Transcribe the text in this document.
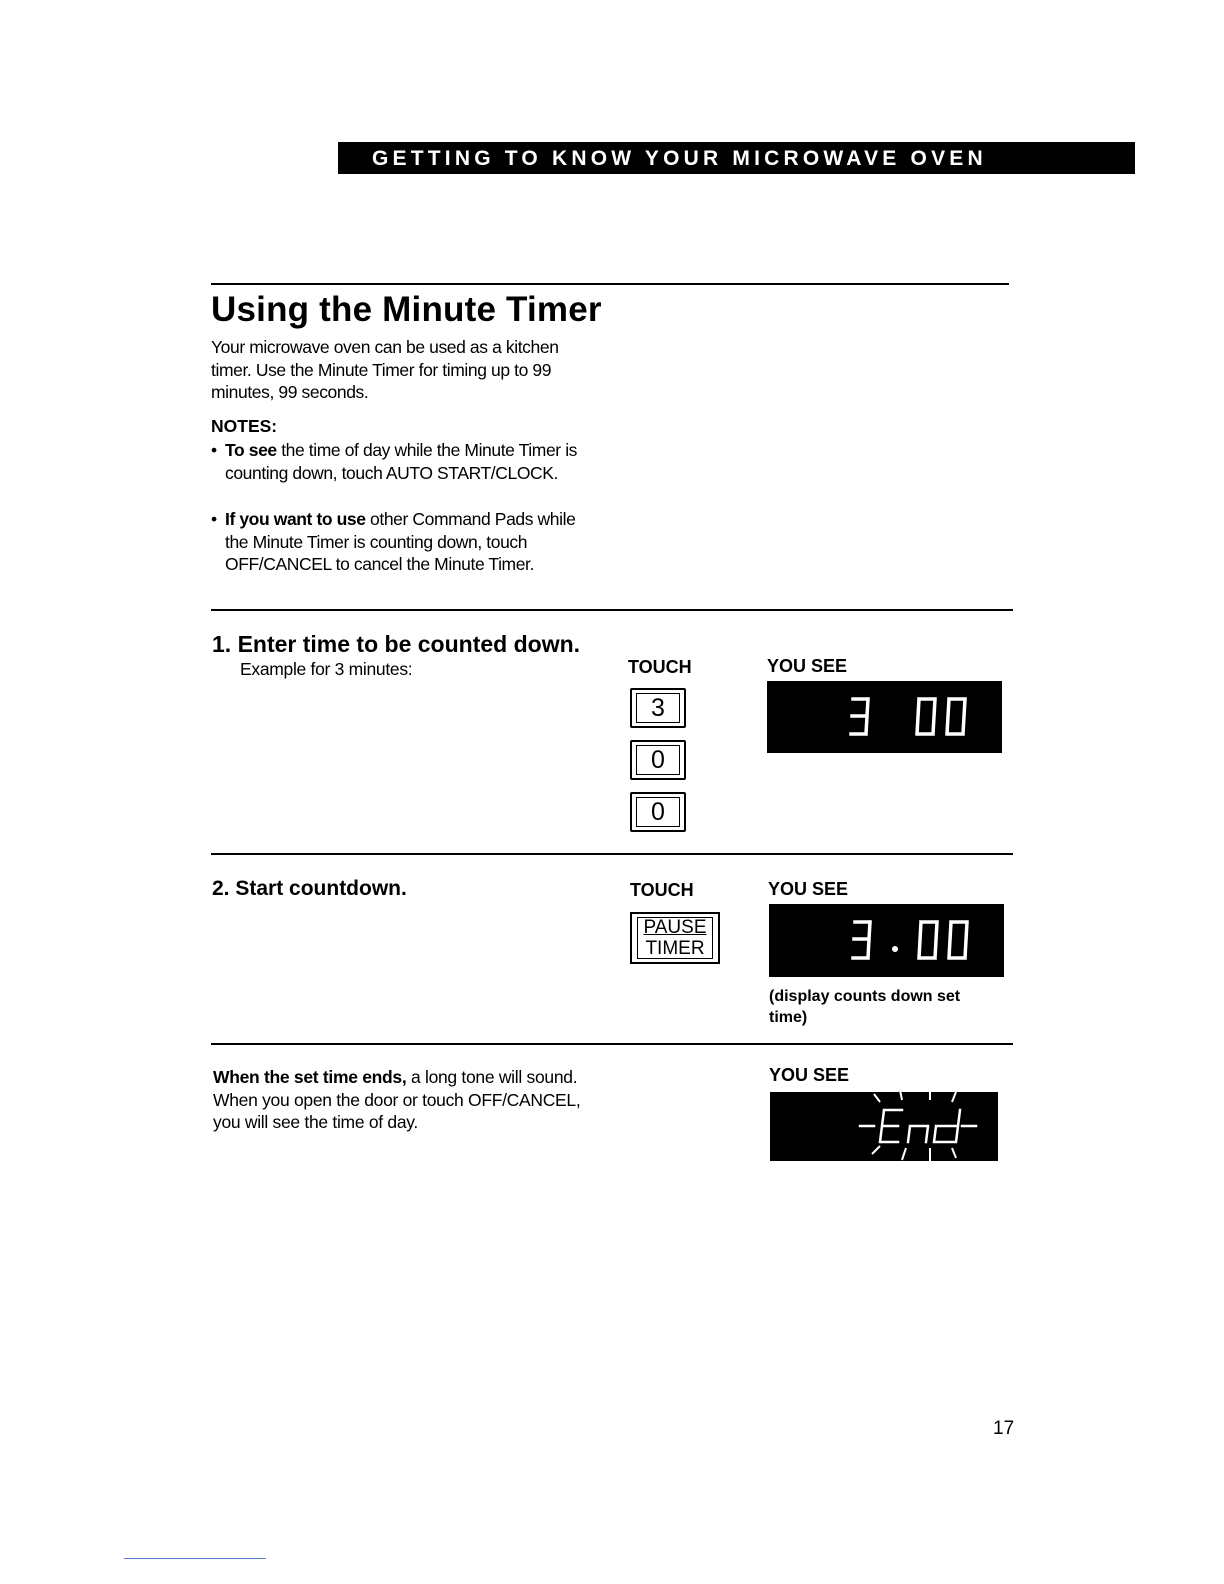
GETTING TO KNOW YOUR MICROWAVE OVEN
Using the Minute Timer
Your microwave oven can be used as a kitchen timer. Use the Minute Timer for timing up to 99 minutes, 99 seconds.
NOTES:
• To see the time of day while the Minute Timer is counting down, touch AUTO START/CLOCK.
• If you want to use other Command Pads while the Minute Timer is counting down, touch OFF/CANCEL to cancel the Minute Timer.
1. Enter time to be counted down.
Example for 3 minutes:	TOUCH	YOU SEE
3
0
0
2. Start countdown.	TOUCH	YOU SEE
PAUSE
TIMER
(display counts down set time)
When the set time ends, a long tone will sound. When you open the door or touch OFF/CANCEL, you will see the time of day.
YOU SEE
17
